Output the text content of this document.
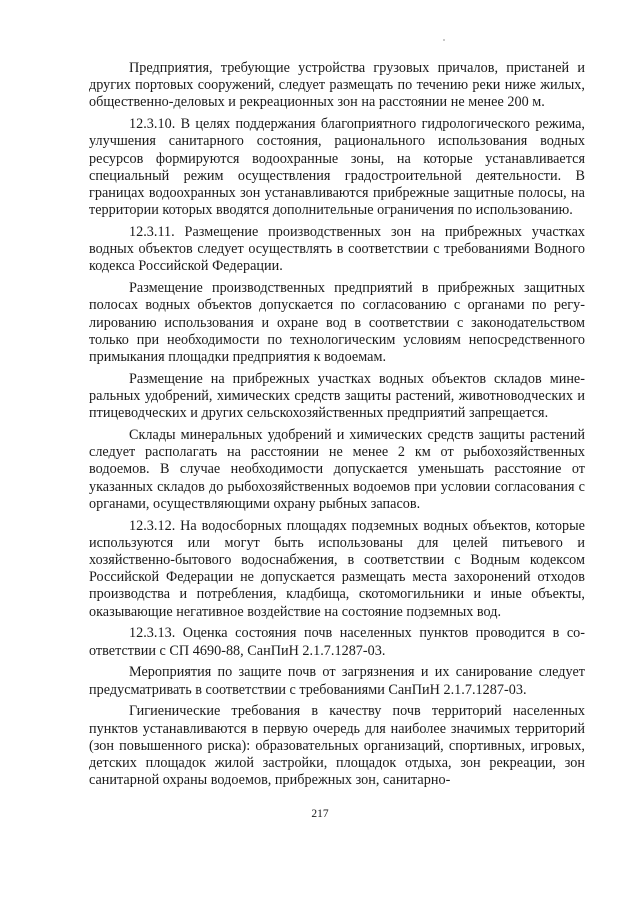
Предприятия, требующие устройства грузовых причалов, пристаней и других портовых сооружений, следует размещать по течению реки ниже жилых, общественно-деловых и рекреационных зон на расстоянии не менее 200 м.

12.3.10. В целях поддержания благоприятного гидрологического режима, улучшения санитарного состояния, рационального использования водных ресурсов формируются водоохранные зоны, на которые устанавливается специальный режим осуществления градостроительной деятельности. В границах водоохранных зон устанавливаются прибрежные защитные полосы, на территории которых вводятся дополнительные ограничения по использованию.

12.3.11. Размещение производственных зон на прибрежных участках водных объектов следует осуществлять в соответствии с требованиями Водного кодекса Российской Федерации.

Размещение производственных предприятий в прибрежных защитных полосах водных объектов допускается по согласованию с органами по регулированию использования и охране вод в соответствии с законодательством только при необходимости по технологическим условиям непосредственного примыкания площадки предприятия к водоемам.

Размещение на прибрежных участках водных объектов складов минеральных удобрений, химических средств защиты растений, животноводческих и птицеводческих и других сельскохозяйственных предприятий запрещается.

Склады минеральных удобрений и химических средств защиты растений следует располагать на расстоянии не менее 2 км от рыбохозяйственных водоемов. В случае необходимости допускается уменьшать расстояние от указанных складов до рыбохозяйственных водоемов при условии согласования с органами, осуществляющими охрану рыбных запасов.

12.3.12. На водосборных площадях подземных водных объектов, которые используются или могут быть использованы для целей питьевого и хозяйственно-бытового водоснабжения, в соответствии с Водным кодексом Российской Федерации не допускается размещать места захоронений отходов производства и потребления, кладбища, скотомогильники и иные объекты, оказывающие негативное воздействие на состояние подземных вод.

12.3.13. Оценка состояния почв населенных пунктов проводится в соответствии с СП 4690-88, СанПиН 2.1.7.1287-03.

Мероприятия по защите почв от загрязнения и их санирование следует предусматривать в соответствии с требованиями СанПиН 2.1.7.1287-03.

Гигиенические требования в качеству почв территорий населенных пунктов устанавливаются в первую очередь для наиболее значимых территорий (зон повышенного риска): образовательных организаций, спортивных, игровых, детских площадок жилой застройки, площадок отдыха, зон рекреации, зон санитарной охраны водоемов, прибрежных зон, санитарно-

217
